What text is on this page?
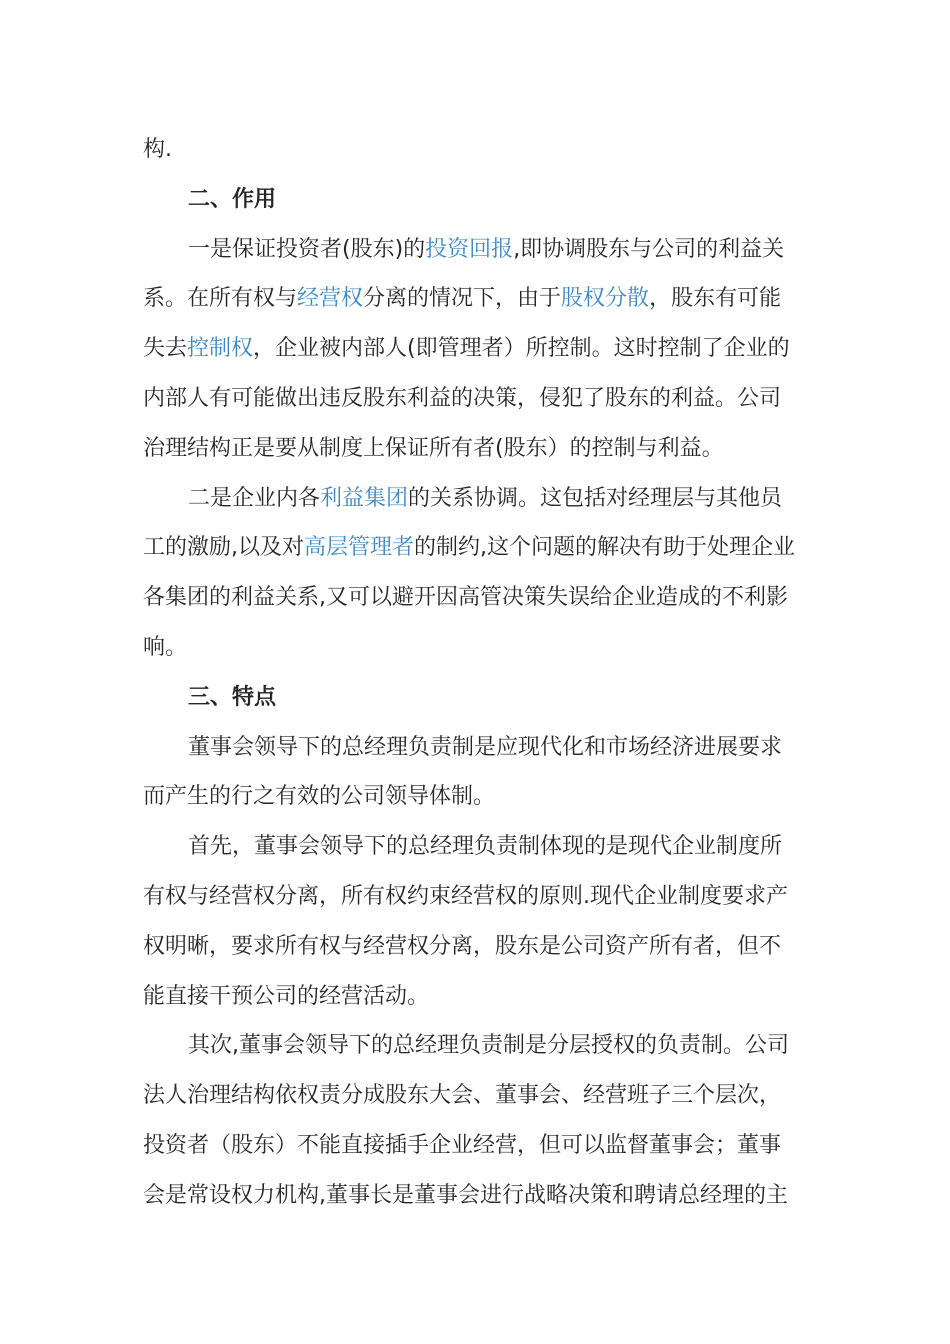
构.
二、作用
一是保证投资者(股东)的投资回报,即协调股东与公司的利益关
系。在所有权与经营权分离的情况下，由于股权分散，股东有可能
失去控制权，企业被内部人(即管理者）所控制。这时控制了企业的
内部人有可能做出违反股东利益的决策，侵犯了股东的利益。公司
治理结构正是要从制度上保证所有者(股东）的控制与利益。
二是企业内各利益集团的关系协调。这包括对经理层与其他员
工的激励,以及对高层管理者的制约,这个问题的解决有助于处理企业
各集团的利益关系,又可以避开因高管决策失误给企业造成的不利影
响。
三、特点
董事会领导下的总经理负责制是应现代化和市场经济进展要求
而产生的行之有效的公司领导体制。
首先，董事会领导下的总经理负责制体现的是现代企业制度所
有权与经营权分离，所有权约束经营权的原则.现代企业制度要求产
权明晰，要求所有权与经营权分离，股东是公司资产所有者，但不
能直接干预公司的经营活动。
其次,董事会领导下的总经理负责制是分层授权的负责制。公司
法人治理结构依权责分成股东大会、董事会、经营班子三个层次，
投资者（股东）不能直接插手企业经营，但可以监督董事会；董事
会是常设权力机构,董事长是董事会进行战略决策和聘请总经理的主
